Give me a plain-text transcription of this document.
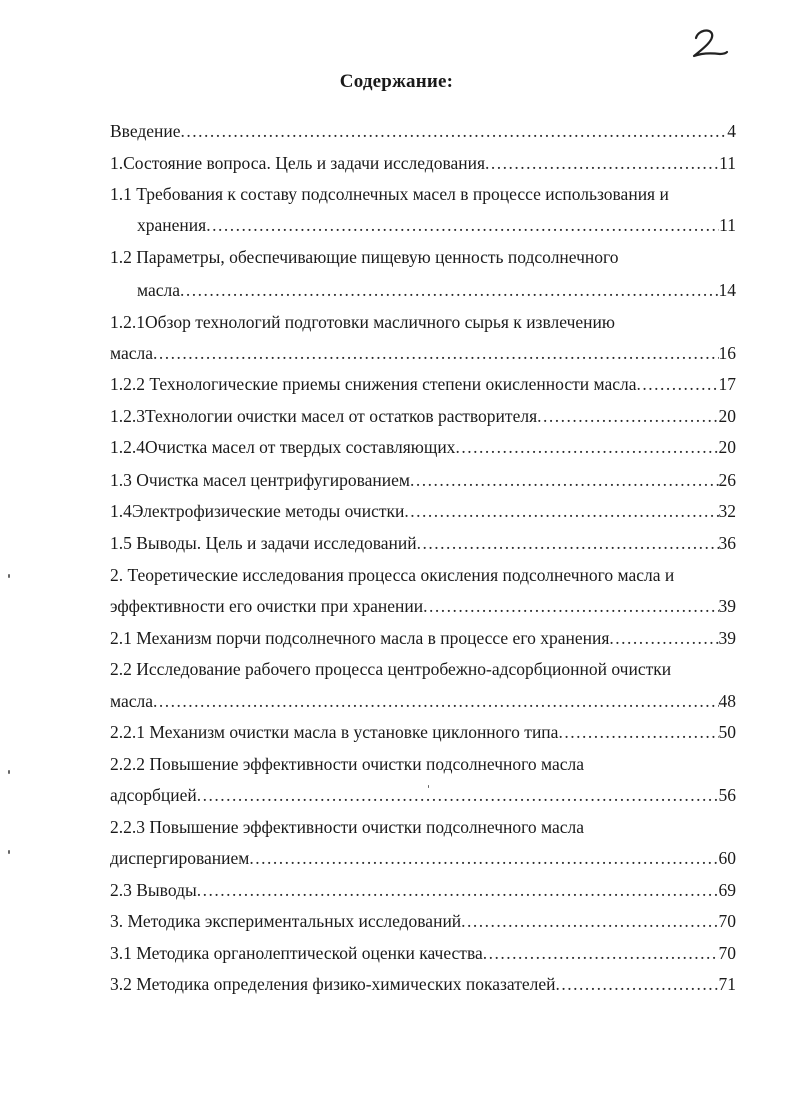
Содержание:
Введение .....	4
1.Состояние вопроса. Цель и задачи исследования .....	11
1.1 Требования к составу подсолнечных масел в процессе использования и
хранения .....	11
1.2 Параметры, обеспечивающие пищевую ценность подсолнечного
масла .....	14
1.2.1Обзор технологий подготовки масличного сырья к извлечению
масла .....	16
1.2.2 Технологические приемы снижения степени окисленности масла .....	17
1.2.3Технологии очистки масел от остатков растворителя .....	20
1.2.4Очистка масел от твердых составляющих .....	20
1.3 Очистка масел центрифугированием .....	26
1.4Электрофизические методы очистки .....	32
1.5 Выводы. Цель и задачи исследований .....	36
2. Теоретические исследования процесса окисления подсолнечного масла и
эффективности его очистки при хранении .....	39
2.1 Механизм порчи подсолнечного масла в процессе его хранения .....	39
2.2 Исследование рабочего процесса центробежно-адсорбционной очистки
масла .....	48
2.2.1 Механизм очистки масла в установке циклонного типа .....	50
2.2.2 Повышение эффективности очистки подсолнечного масла
адсорбцией .....	56
2.2.3 Повышение эффективности очистки подсолнечного масла
диспергированием .....	60
2.3 Выводы .....	69
3. Методика экспериментальных исследований .....	70
3.1 Методика органолептической оценки качества .....	70
3.2 Методика определения физико-химических показателей .....	71
